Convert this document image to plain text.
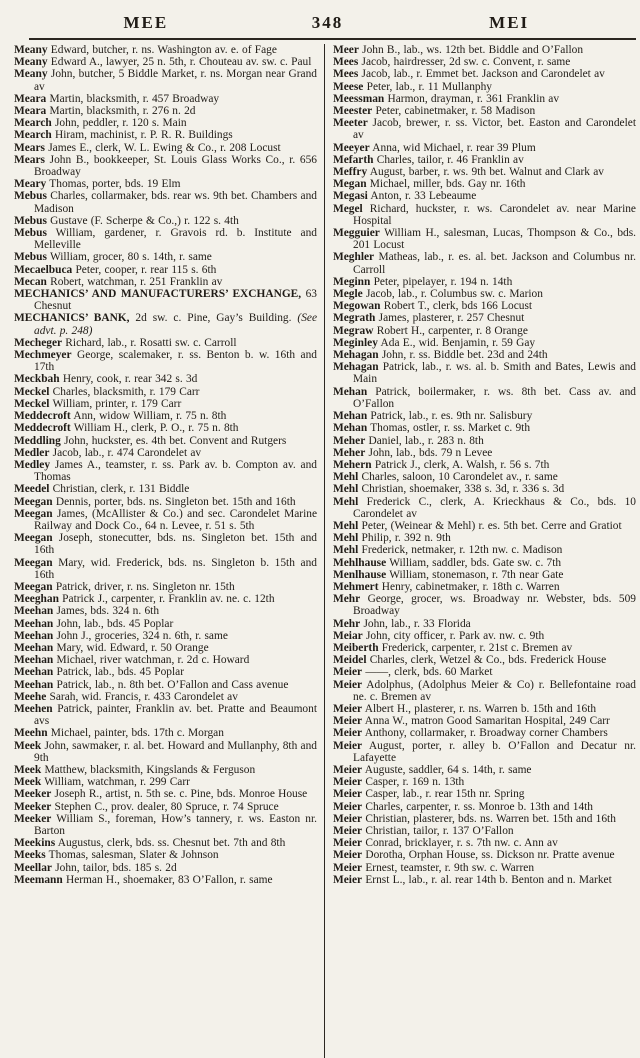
MEE	348	MEI
Meany Edward, butcher, r. ns. Washington av. e. of Fage
Meany Edward A., lawyer, 25 n. 5th, r. Chouteau av. sw. c. Paul
Meany John, butcher, 5 Biddle Market, r. ns. Morgan near Grand av
Meara Martin, blacksmith, r. 457 Broadway
Meara Martin, blacksmith, r. 276 n. 2d
Mearch John, peddler, r. 120 s. Main
Mearch Hiram, machinist, r. P. R. R. Buildings
Mears James E., clerk, W. L. Ewing & Co., r. 208 Locust
Mears John B., bookkeeper, St. Louis Glass Works Co., r. 656 Broadway
Meary Thomas, porter, bds. 19 Elm
Mebus Charles, collarmaker, bds. rear ws. 9th bet. Chambers and Madison
Mebus Gustave (F. Scherpe & Co.,) r. 122 s. 4th
Mebus William, gardener, r. Gravois rd. b. Institute and Melleville
Mebus William, grocer, 80 s. 14th, r. same
Mecaelbuca Peter, cooper, r. rear 115 s. 6th
Mecan Robert, watchman, r. 251 Franklin av
MECHANICS’ AND MANUFACTURERS’ EXCHANGE, 63 Chesnut
MECHANICS’ BANK, 2d sw. c. Pine, Gay’s Building. (See advt. p. 248)
Mecheger Richard, lab., r. Rosatti sw. c. Carroll
Mechmeyer George, scalemaker, r. ss. Benton b. w. 16th and 17th
Meckbah Henry, cook, r. rear 342 s. 3d
Meckel Charles, blacksmith, r. 179 Carr
Meckel William, printer, r. 179 Carr
Meddecroft Ann, widow William, r. 75 n. 8th
Meddecroft William H., clerk, P. O., r. 75 n. 8th
Meddling John, huckster, es. 4th bet. Convent and Rutgers
Medler Jacob, lab., r. 474 Carondelet av
Medley James A., teamster, r. ss. Park av. b. Compton av. and Thomas
Meedel Christian, clerk, r. 131 Biddle
Meegan Dennis, porter, bds. ns. Singleton bet. 15th and 16th
Meegan James, (McAllister & Co.) and sec. Carondelet Marine Railway and Dock Co., 64 n. Levee, r. 51 s. 5th
Meegan Joseph, stonecutter, bds. ns. Singleton bet. 15th and 16th
Meegan Mary, wid. Frederick, bds. ns. Singleton b. 15th and 16th
Meegan Patrick, driver, r. ns. Singleton nr. 15th
Meeghan Patrick J., carpenter, r. Franklin av. ne. c. 12th
Meehan James, bds. 324 n. 6th
Meehan John, lab., bds. 45 Poplar
Meehan John J., groceries, 324 n. 6th, r. same
Meehan Mary, wid. Edward, r. 50 Orange
Meehan Michael, river watchman, r. 2d c. Howard
Meehan Patrick, lab., bds. 45 Poplar
Meehan Patrick, lab., n. 8th bet. O’Fallon and Cass avenue
Meehe Sarah, wid. Francis, r. 433 Carondelet av
Meehen Patrick, painter, Franklin av. bet. Pratte and Beaumont avs
Meehn Michael, painter, bds. 17th c. Morgan
Meek John, sawmaker, r. al. bet. Howard and Mullanphy, 8th and 9th
Meek Matthew, blacksmith, Kingslands & Ferguson
Meek William, watchman, r. 299 Carr
Meeker Joseph R., artist, n. 5th se. c. Pine, bds. Monroe House
Meeker Stephen C., prov. dealer, 80 Spruce, r. 74 Spruce
Meeker William S., foreman, How’s tannery, r. ws. Easton nr. Barton
Meekins Augustus, clerk, bds. ss. Chesnut bet. 7th and 8th
Meeks Thomas, salesman, Slater & Johnson
Meellar John, tailor, bds. 185 s. 2d
Meemann Herman H., shoemaker, 83 O’Fallon, r. same
Meer John B., lab., ws. 12th bet. Biddle and O’Fallon
Mees Jacob, hairdresser, 2d sw. c. Convent, r. same
Mees Jacob, lab., r. Emmet bet. Jackson and Carondelet av
Meese Peter, lab., r. 11 Mullanphy
Meessman Harmon, drayman, r. 361 Franklin av
Meester Peter, cabinetmaker, r. 58 Madison
Meeter Jacob, brewer, r. ss. Victor, bet. Easton and Carondelet av
Meeyer Anna, wid Michael, r. rear 39 Plum
Mefarth Charles, tailor, r. 46 Franklin av
Meffry August, barber, r. ws. 9th bet. Walnut and Clark av
Megan Michael, miller, bds. Gay nr. 16th
Megasi Anton, r. 33 Lebeaume
Megel Richard, huckster, r. ws. Carondelet av. near Marine Hospital
Megguier William H., salesman, Lucas, Thompson & Co., bds. 201 Locust
Meghler Matheas, lab., r. es. al. bet. Jackson and Columbus nr. Carroll
Meginn Peter, pipelayer, r. 194 n. 14th
Megle Jacob, lab., r. Columbus sw. c. Marion
Megowan Robert T., clerk, bds 166 Locust
Megrath James, plasterer, r. 257 Chesnut
Megraw Robert H., carpenter, r. 8 Orange
Meginley Ada E., wid. Benjamin, r. 59 Gay
Mehagan John, r. ss. Biddle bet. 23d and 24th
Mehagan Patrick, lab., r. ws. al. b. Smith and Bates, Lewis and Main
Mehan Patrick, boilermaker, r. ws. 8th bet. Cass av. and O’Fallon
Mehan Patrick, lab., r. es. 9th nr. Salisbury
Mehan Thomas, ostler, r. ss. Market c. 9th
Meher Daniel, lab., r. 283 n. 8th
Meher John, lab., bds. 79 n Levee
Mehern Patrick J., clerk, A. Walsh, r. 56 s. 7th
Mehl Charles, saloon, 10 Carondelet av., r. same
Mehl Christian, shoemaker, 338 s. 3d, r. 336 s. 3d
Mehl Frederick C., clerk, A. Krieckhaus & Co., bds. 10 Carondelet av
Mehl Peter, (Weinear & Mehl) r. es. 5th bet. Cerre and Gratiot
Mehl Philip, r. 392 n. 9th
Mehl Frederick, netmaker, r. 12th nw. c. Madison
Mehlhause William, saddler, bds. Gate sw. c. 7th
Menlhause William, stonemason, r. 7th near Gate
Mehmert Henry, cabinetmaker, r. 18th c. Warren
Mehr George, grocer, ws. Broadway nr. Webster, bds. 509 Broadway
Mehr John, lab., r. 33 Florida
Meiar John, city officer, r. Park av. nw. c. 9th
Meiberth Frederick, carpenter, r. 21st c. Bremen av
Meidel Charles, clerk, Wetzel & Co., bds. Frederick House
Meier ——, clerk, bds. 60 Market
Meier Adolphus, (Adolphus Meier & Co) r. Bellefontaine road ne. c. Bremen av
Meier Albert H., plasterer, r. ns. Warren b. 15th and 16th
Meier Anna W., matron Good Samaritan Hospital, 249 Carr
Meier Anthony, collarmaker, r. Broadway corner Chambers
Meier August, porter, r. alley b. O’Fallon and Decatur nr. Lafayette
Meier Auguste, saddler, 64 s. 14th, r. same
Meier Casper, r. 169 n. 13th
Meier Casper, lab., r. rear 15th nr. Spring
Meier Charles, carpenter, r. ss. Monroe b. 13th and 14th
Meier Christian, plasterer, bds. ns. Warren bet. 15th and 16th
Meier Christian, tailor, r. 137 O’Fallon
Meier Conrad, bricklayer, r. s. 7th nw. c. Ann av
Meier Dorotha, Orphan House, ss. Dickson nr. Pratte avenue
Meier Ernest, teamster, r. 9th sw. c. Warren
Meier Ernst L., lab., r. al. rear 14th b. Benton and n. Market
